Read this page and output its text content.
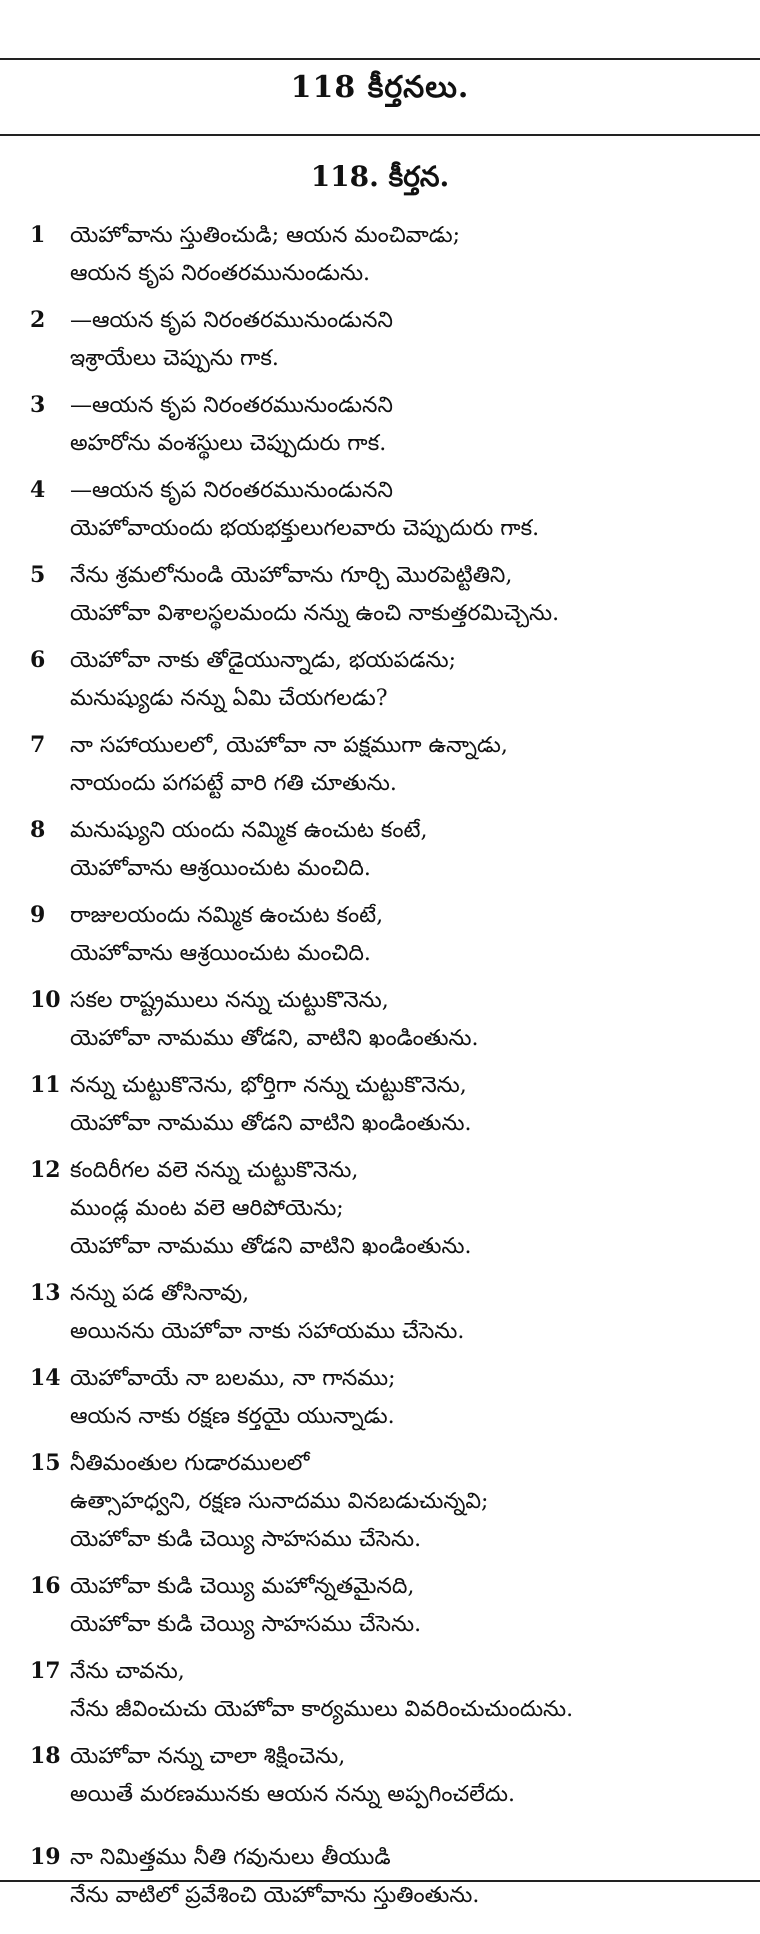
118 కీర్తనలు.
118. కీర్తన.
1 యెహోవాను స్తుతించుడి; ఆయన మంచివాడు;
ఆయన కృప నిరంతరమునుండును.
2 —ఆయన కృప నిరంతరమునుండునని
ఇశ్రాయేలు చెప్పును గాక.
3 —ఆయన కృప నిరంతరమునుండునని
అహరోను వంశస్థులు చెప్పుదురు గాక.
4 —ఆయన కృప నిరంతరమునుండునని
యెహోవాయందు భయభక్తులుగలవారు చెప్పుదురు గాక.
5 నేను శ్రమలోనుండి యెహోవాను గూర్చి మొరపెట్టితిని,
యెహోవా విశాలస్థలమందు నన్ను ఉంచి నాకుత్తరమిచ్చెను.
6 యెహోవా నాకు తోడైయున్నాడు, భయపడను;
మనుష్యుడు నన్ను ఏమి చేయగలడు?
7 నా సహాయులలో, యెహోవా నా పక్షముగా ఉన్నాడు,
నాయందు పగపట్టే వారి గతి చూతును.
8 మనుష్యుని యందు నమ్మిక ఉంచుట కంటే,
యెహోవాను ఆశ్రయించుట మంచిది.
9 రాజులయందు నమ్మిక ఉంచుట కంటే,
యెహోవాను ఆశ్రయించుట మంచిది.
10 సకల రాష్ట్రములు నన్ను చుట్టుకొనెను,
యెహోవా నామము తోడని, వాటిని ఖండింతును.
11 నన్ను చుట్టుకొనెను, భోర్తిగా నన్ను చుట్టుకొనెను,
యెహోవా నామము తోడని వాటిని ఖండింతును.
12 కందిరీగల వలె నన్ను చుట్టుకొనెను,
ముండ్ల మంట వలె ఆరిపోయెను;
యెహోవా నామము తోడని వాటిని ఖండింతును.
13 నన్ను పడ తోసినావు,
అయినను యెహోవా నాకు సహాయము చేసెను.
14 యెహోవాయే నా బలము, నా గానము;
ఆయన నాకు రక్షణ కర్తయై యున్నాడు.
15 నీతిమంతుల గుడారములలో
ఉత్సాహధ్వని, రక్షణ సునాదము వినబడుచున్నవి;
యెహోవా కుడి చెయ్యి సాహసము చేసెను.
16 యెహోవా కుడి చెయ్యి మహోన్నతమైనది,
యెహోవా కుడి చెయ్యి సాహసము చేసెను.
17 నేను చావను,
నేను జీవించుచు యెహోవా కార్యములు వివరించుచుందును.
18 యెహోవా నన్ను చాలా శిక్షించెను,
అయితే మరణమునకు ఆయన నన్ను అప్పగించలేదు.
19 నా నిమిత్తము నీతి గవునులు తీయుడి
నేను వాటిలో ప్రవేశించి యెహోవాను స్తుతింతును.
